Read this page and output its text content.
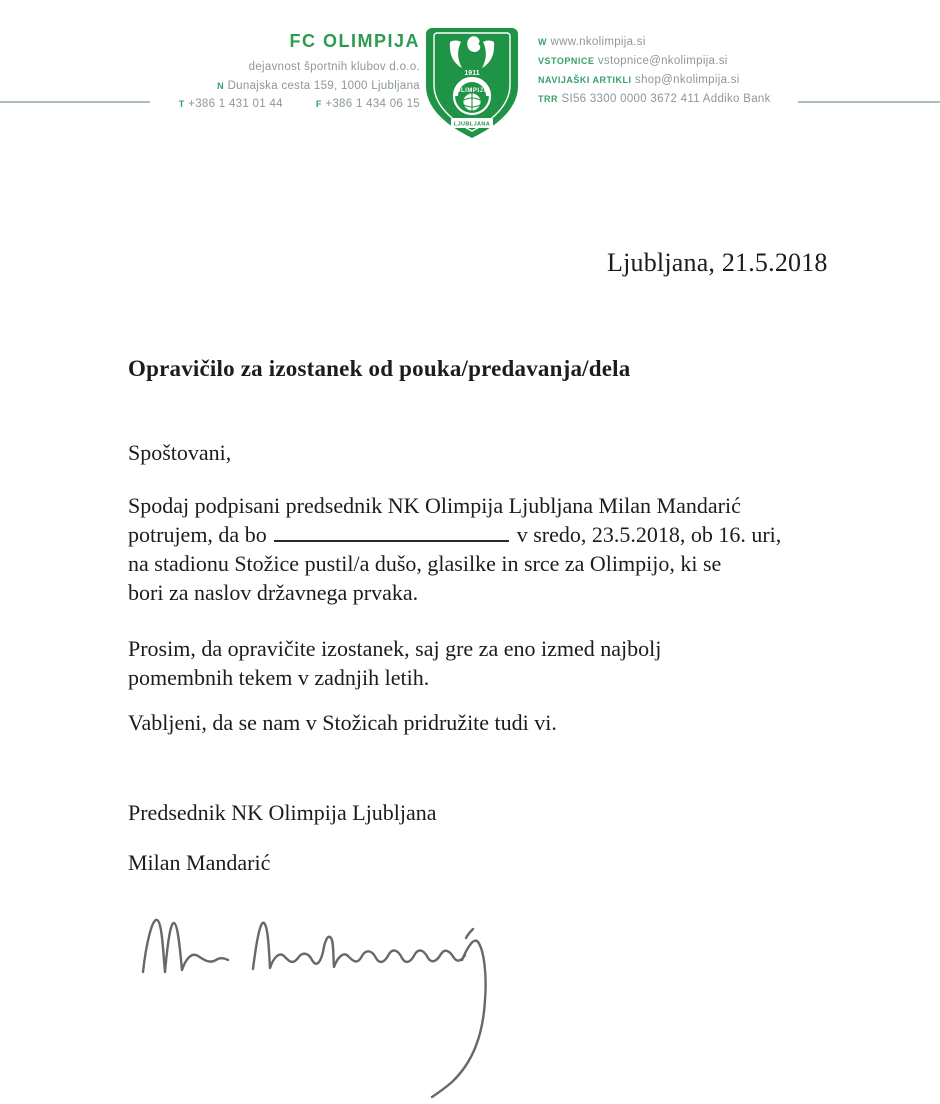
FC OLIMPIJA
dejavnost športnih klubov d.o.o.
N Dunajska cesta 159, 1000 Ljubljana
T +386 1 431 01 44	F +386 1 434 06 15
1911
OLIMPIJA
LJUBLJANA
W www.nkolimpija.si
VSTOPNICE vstopnice@nkolimpija.si
NAVIJAŠKI ARTIKLI shop@nkolimpija.si
TRR SI56 3300 0000 3672 411 Addiko Bank
Ljubljana, 21.5.2018
Opravičilo za izostanek od pouka/predavanja/dela
Spoštovani,
Spodaj podpisani predsednik NK Olimpija Ljubljana Milan Mandarić
potrujem, da bo	v sredo, 23.5.2018, ob 16. uri,
na stadionu Stožice pustil/a dušo, glasilke in srce za Olimpijo, ki se
bori za naslov državnega prvaka.
Prosim, da opravičite izostanek, saj gre za eno izmed najbolj
pomembnih tekem v zadnjih letih.
Vabljeni, da se nam v Stožicah pridružite tudi vi.
Predsednik NK Olimpija Ljubljana
Milan Mandarić
